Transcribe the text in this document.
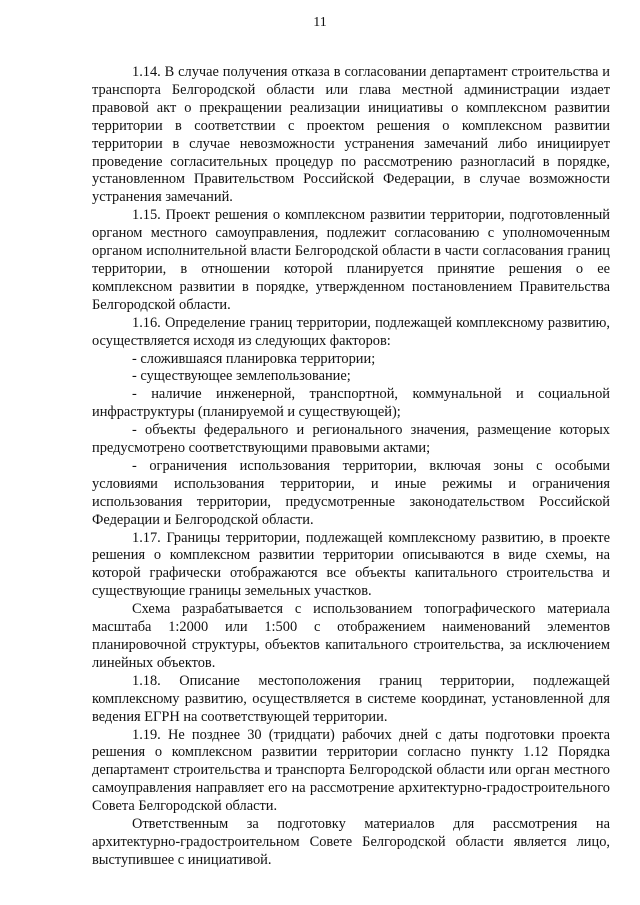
11

1.14. В случае получения отказа в согласовании департамент строительства и транспорта Белгородской области или глава местной администрации издает правовой акт о прекращении реализации инициативы о комплексном развитии территории в соответствии с проектом решения о комплексном развитии территории в случае невозможности устранения замечаний либо инициирует проведение согласительных процедур по рассмотрению разногласий в порядке, установленном Правительством Российской Федерации, в случае возможности устранения замечаний.

1.15. Проект решения о комплексном развитии территории, подготовленный органом местного самоуправления, подлежит согласованию с уполномоченным органом исполнительной власти Белгородской области в части согласования границ территории, в отношении которой планируется принятие решения о ее комплексном развитии в порядке, утвержденном постановлением Правительства Белгородской области.

1.16. Определение границ территории, подлежащей комплексному развитию, осуществляется исходя из следующих факторов:

- сложившаяся планировка территории;

- существующее землепользование;

- наличие инженерной, транспортной, коммунальной и социальной инфраструктуры (планируемой и существующей);

- объекты федерального и регионального значения, размещение которых предусмотрено соответствующими правовыми актами;

- ограничения использования территории, включая зоны с особыми условиями использования территории, и иные режимы и ограничения использования территории, предусмотренные законодательством Российской Федерации и Белгородской области.

1.17. Границы территории, подлежащей комплексному развитию, в проекте решения о комплексном развитии территории описываются в виде схемы, на которой графически отображаются все объекты капитального строительства и существующие границы земельных участков.

Схема разрабатывается с использованием топографического материала масштаба 1:2000 или 1:500 с отображением наименований элементов планировочной структуры, объектов капитального строительства, за исключением линейных объектов.

1.18. Описание местоположения границ территории, подлежащей комплексному развитию, осуществляется в системе координат, установленной для ведения ЕГРН на соответствующей территории.

1.19. Не позднее 30 (тридцати) рабочих дней с даты подготовки проекта решения о комплексном развитии территории согласно пункту 1.12 Порядка департамент строительства и транспорта Белгородской области или орган местного самоуправления направляет его на рассмотрение архитектурно-градостроительного Совета Белгородской области.

Ответственным за подготовку материалов для рассмотрения на архитектурно-градостроительном Совете Белгородской области является лицо, выступившее с инициативой.
